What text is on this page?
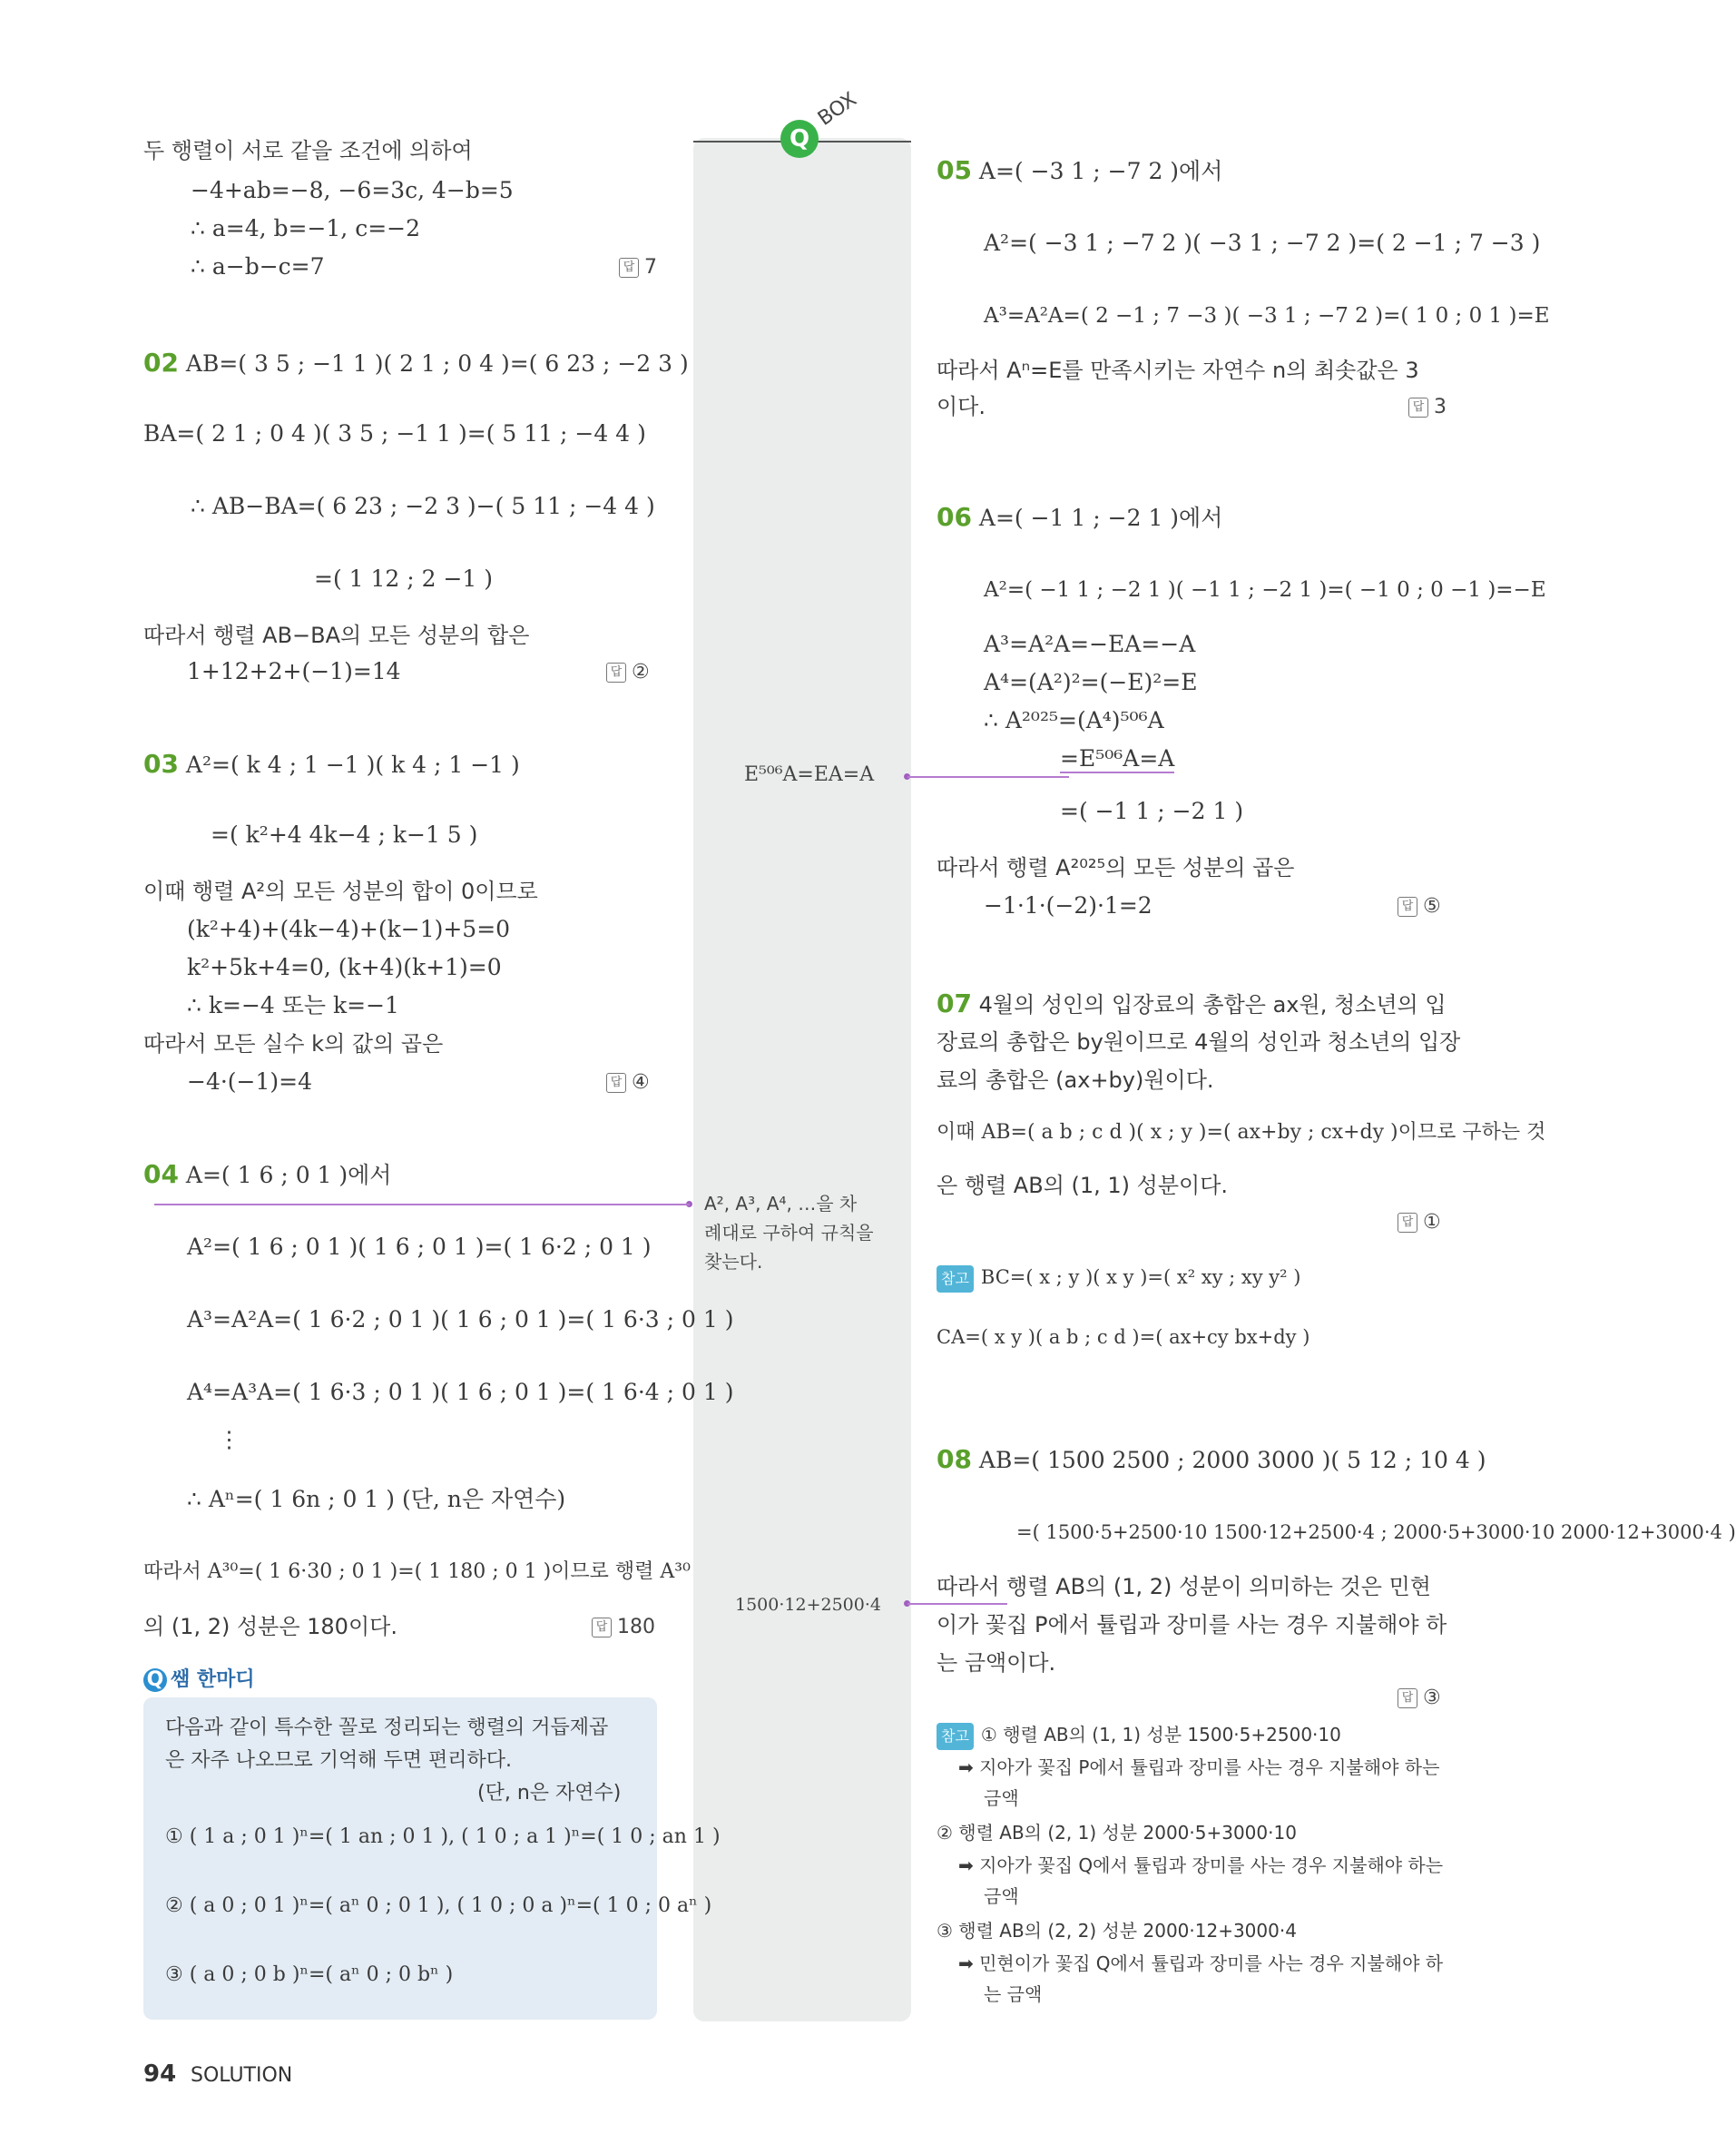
Q
BOX
두 행렬이 서로 같을 조건에 의하여
−4+ab=−8, −6=3c, 4−b=5
∴ a=4, b=−1, c=−2
∴ a−b−c=7	답 7
02 AB=( 3 5 ; −1 1 )( 2 1 ; 0 4 )=( 6 23 ; −2 3 )
BA=( 2 1 ; 0 4 )( 3 5 ; −1 1 )=( 5 11 ; −4 4 )
∴ AB−BA=( 6 23 ; −2 3 )−( 5 11 ; −4 4 )
=( 1 12 ; 2 −1 )
따라서 행렬 AB−BA의 모든 성분의 합은
1+12+2+(−1)=14	답 ②
03 A²=( k 4 ; 1 −1 )( k 4 ; 1 −1 )
=( k²+4 4k−4 ; k−1 5 )
이때 행렬 A²의 모든 성분의 합이 0이므로
(k²+4)+(4k−4)+(k−1)+5=0
k²+5k+4=0, (k+4)(k+1)=0
∴ k=−4 또는 k=−1
따라서 모든 실수 k의 값의 곱은
−4·(−1)=4	답 ④
04 A=( 1 6 ; 0 1 )에서
A²=( 1 6 ; 0 1 )( 1 6 ; 0 1 )=( 1 6·2 ; 0 1 )
A³=A²A=( 1 6·2 ; 0 1 )( 1 6 ; 0 1 )=( 1 6·3 ; 0 1 )
A⁴=A³A=( 1 6·3 ; 0 1 )( 1 6 ; 0 1 )=( 1 6·4 ; 0 1 )
⋮
∴ Aⁿ=( 1 6n ; 0 1 ) (단, n은 자연수)
따라서 A³⁰=( 1 6·30 ; 0 1 )=( 1 180 ; 0 1 )이므로 행렬 A³⁰
의 (1, 2) 성분은 180이다.	답 180
Q 쌤 한마디
다음과 같이 특수한 꼴로 정리되는 행렬의 거듭제곱
은 자주 나오므로 기억해 두면 편리하다.
(단, n은 자연수)
① ( 1 a ; 0 1 )ⁿ=( 1 an ; 0 1 ), ( 1 0 ; a 1 )ⁿ=( 1 0 ; an 1 )
② ( a 0 ; 0 1 )ⁿ=( aⁿ 0 ; 0 1 ), ( 1 0 ; 0 a )ⁿ=( 1 0 ; 0 aⁿ )
③ ( a 0 ; 0 b )ⁿ=( aⁿ 0 ; 0 bⁿ )
E⁵⁰⁶A=EA=A
A², A³, A⁴, …을 차
례대로 구하여 규칙을
찾는다.
1500·12+2500·4
05 A=( −3 1 ; −7 2 )에서
A²=( −3 1 ; −7 2 )( −3 1 ; −7 2 )=( 2 −1 ; 7 −3 )
A³=A²A=( 2 −1 ; 7 −3 )( −3 1 ; −7 2 )=( 1 0 ; 0 1 )=E
따라서 Aⁿ=E를 만족시키는 자연수 n의 최솟값은 3
이다.	답 3
06 A=( −1 1 ; −2 1 )에서
A²=( −1 1 ; −2 1 )( −1 1 ; −2 1 )=( −1 0 ; 0 −1 )=−E
A³=A²A=−EA=−A
A⁴=(A²)²=(−E)²=E
∴ A²⁰²⁵=(A⁴)⁵⁰⁶A
=E⁵⁰⁶A=A
=( −1 1 ; −2 1 )
따라서 행렬 A²⁰²⁵의 모든 성분의 곱은
−1·1·(−2)·1=2	답 ⑤
07 4월의 성인의 입장료의 총합은 ax원, 청소년의 입
장료의 총합은 by원이므로 4월의 성인과 청소년의 입장
료의 총합은 (ax+by)원이다.
이때 AB=( a b ; c d )( x ; y )=( ax+by ; cx+dy )이므로 구하는 것
은 행렬 AB의 (1, 1) 성분이다.
답 ①
참고 BC=( x ; y )( x y )=( x² xy ; xy y² )
CA=( x y )( a b ; c d )=( ax+cy bx+dy )
08 AB=( 1500 2500 ; 2000 3000 )( 5 12 ; 10 4 )
=( 1500·5+2500·10 1500·12+2500·4 ; 2000·5+3000·10 2000·12+3000·4 )
따라서 행렬 AB의 (1, 2) 성분이 의미하는 것은 민현
이가 꽃집 P에서 튤립과 장미를 사는 경우 지불해야 하
는 금액이다.
답 ③
참고 ① 행렬 AB의 (1, 1) 성분 1500·5+2500·10
➡ 지아가 꽃집 P에서 튤립과 장미를 사는 경우 지불해야 하는
금액
② 행렬 AB의 (2, 1) 성분 2000·5+3000·10
➡ 지아가 꽃집 Q에서 튤립과 장미를 사는 경우 지불해야 하는
금액
③ 행렬 AB의 (2, 2) 성분 2000·12+3000·4
➡ 민현이가 꽃집 Q에서 튤립과 장미를 사는 경우 지불해야 하
는 금액
94 SOLUTION
